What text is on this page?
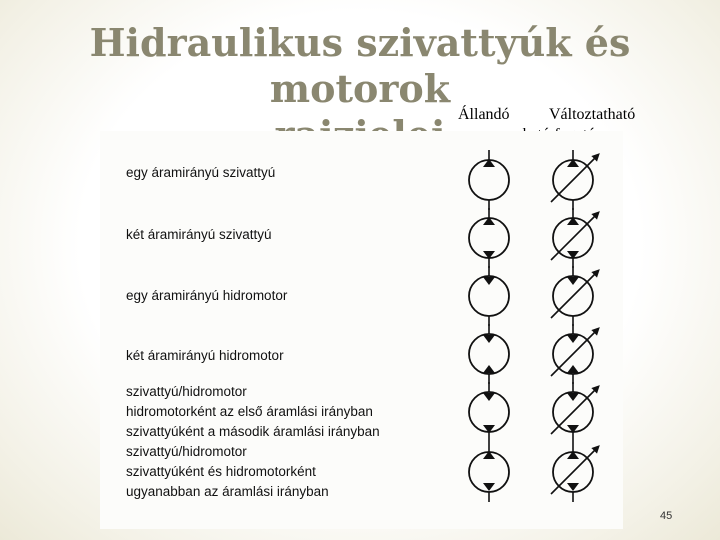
Hidraulikus szivattyúk és motorok
Állandó Változtatható
egy áramirányú szivattyú
két áramirányú szivattyú
egy áramirányú hidromotor
két áramirányú hidromotor
szivattyú/hidromotor
hidromotorként az első áramlási irányban
szivattyúként a második áramlási irányban
szivattyú/hidromotor
szivattyúként és hidromotorként
ugyanabban az áramlási irányban
45
